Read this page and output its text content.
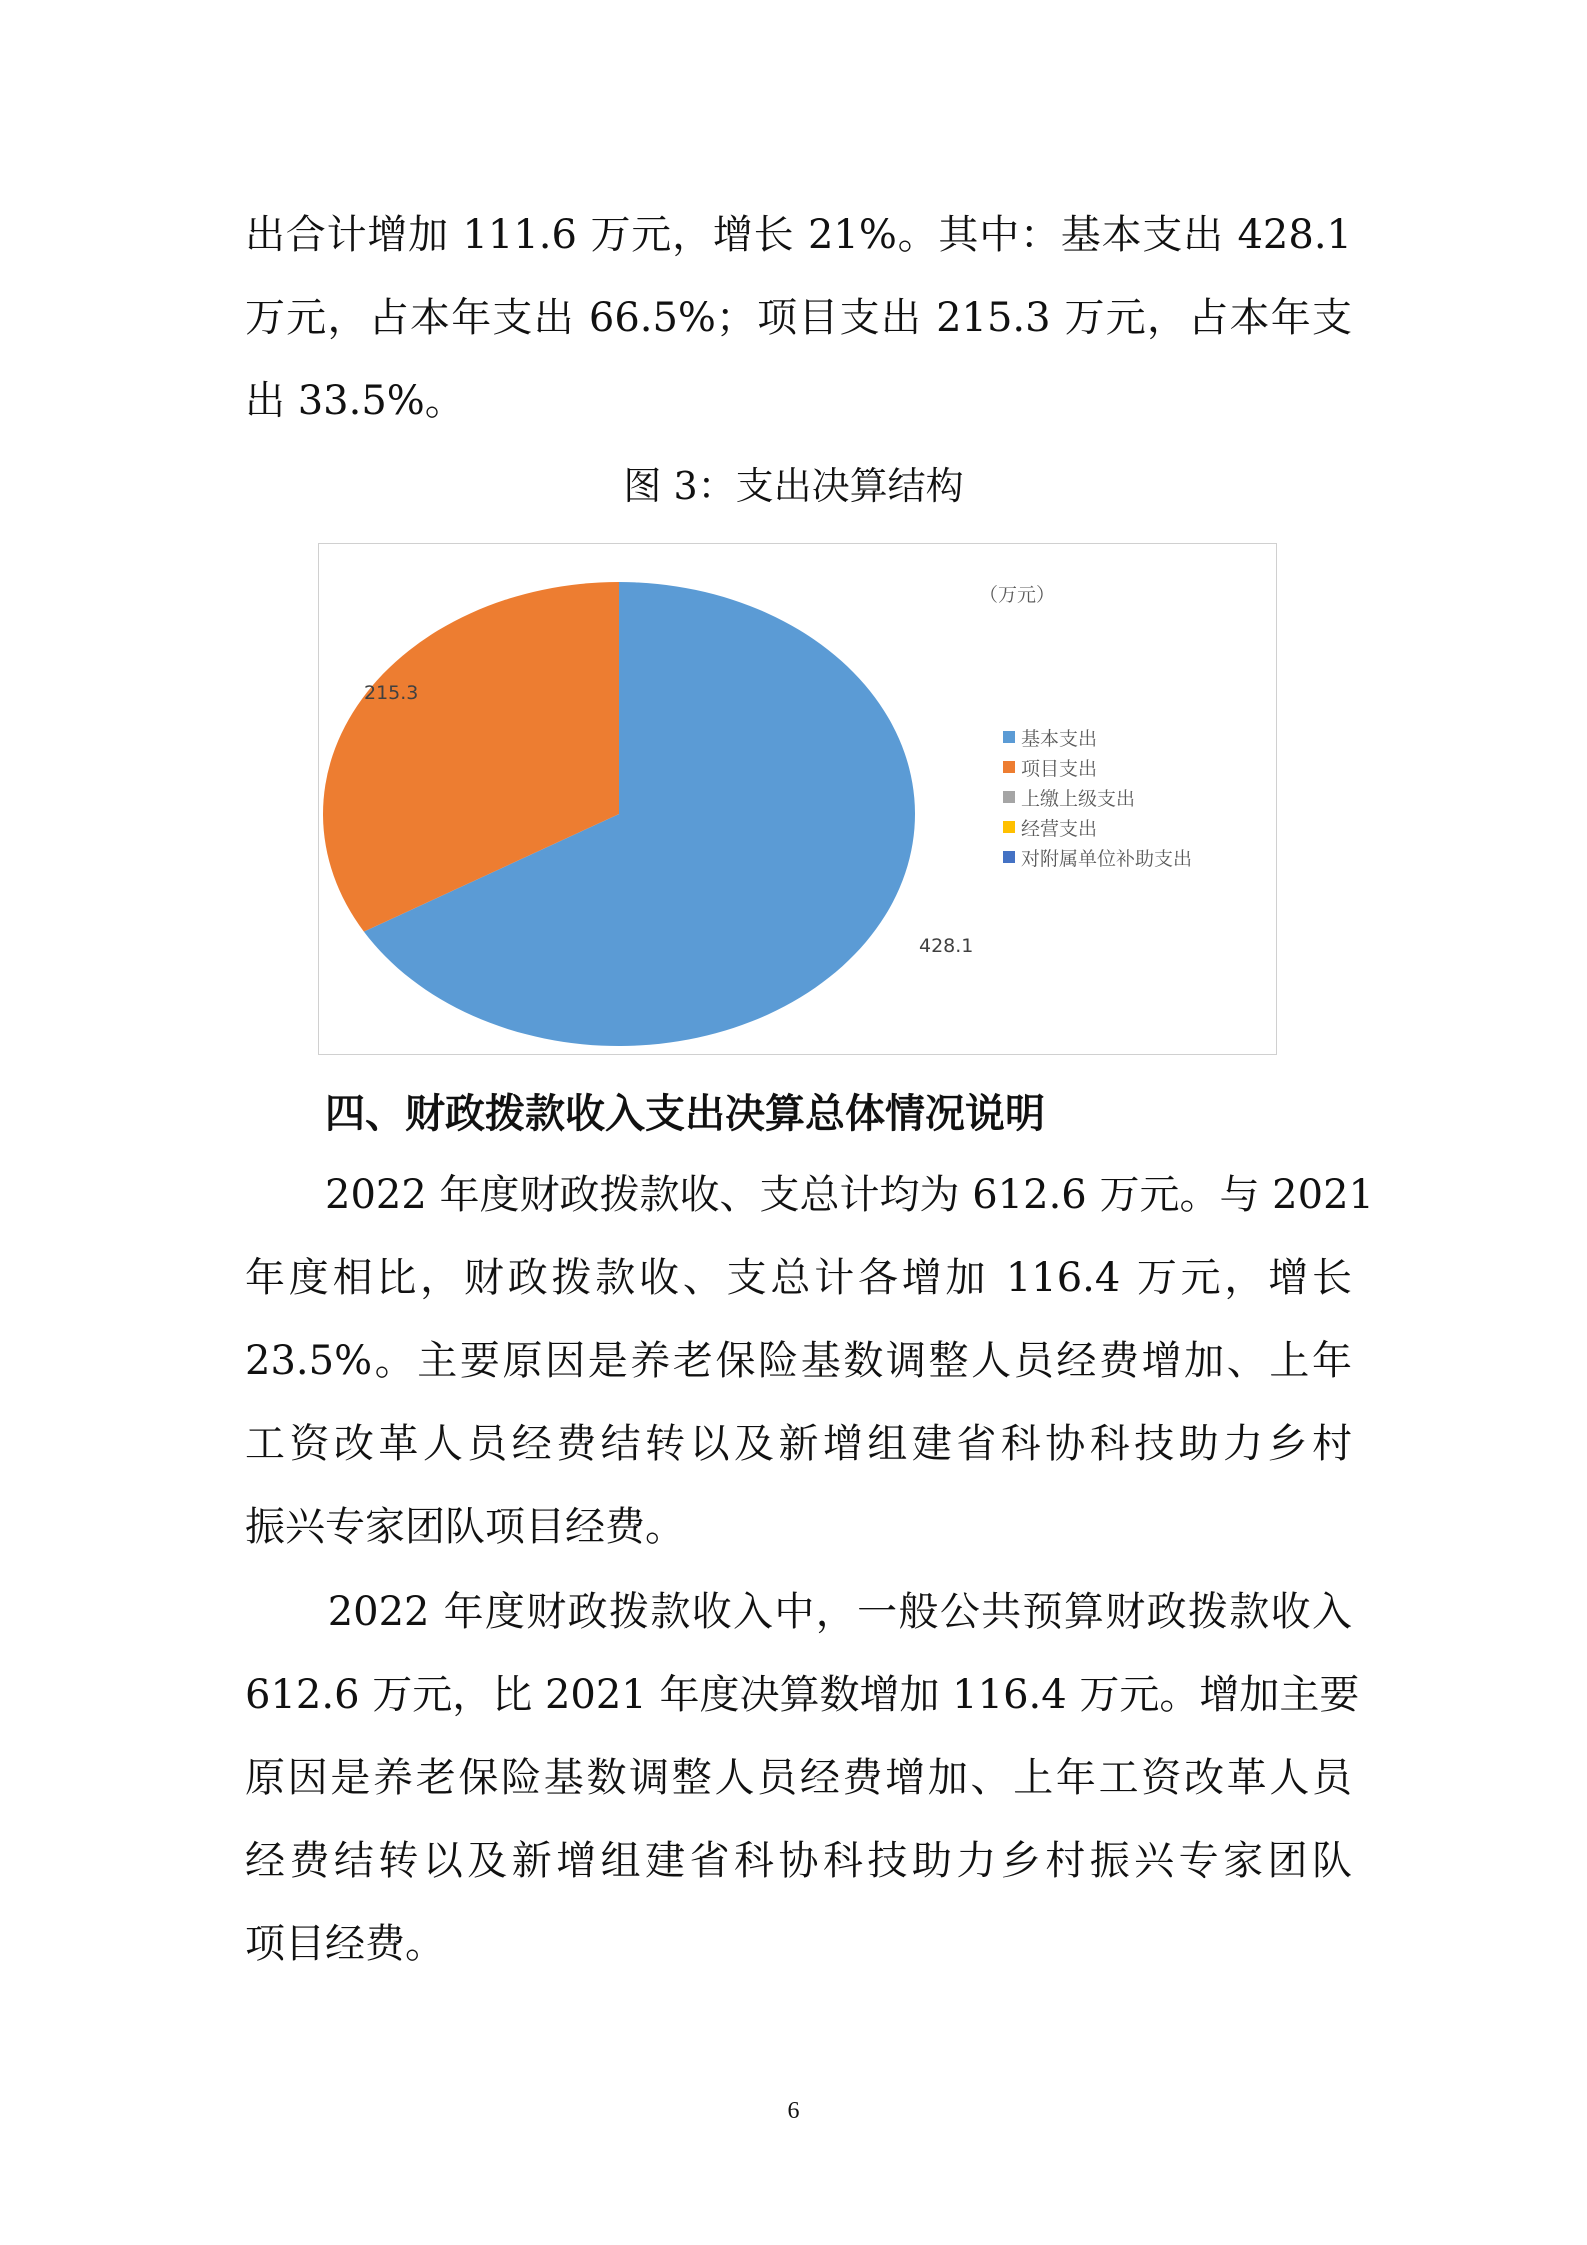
出合计增加 111.6 万元，增长 21%。其中：基本支出 428.1
万元，占本年支出 66.5%；项目支出 215.3 万元，占本年支
出 33.5%。
图 3：支出决算结构
428.1
215.3
（万元）
基本支出
项目支出
上缴上级支出
经营支出
对附属单位补助支出
四、财政拨款收入支出决算总体情况说明
　　2022 年度财政拨款收、支总计均为 612.6 万元。与 2021
年度相比，财政拨款收、支总计各增加 116.4 万元，增长
23.5%。主要原因是养老保险基数调整人员经费增加、上年
工资改革人员经费结转以及新增组建省科协科技助力乡村
振兴专家团队项目经费。
　　2022 年度财政拨款收入中，一般公共预算财政拨款收入
612.6 万元，比 2021 年度决算数增加 116.4 万元。增加主要
原因是养老保险基数调整人员经费增加、上年工资改革人员
经费结转以及新增组建省科协科技助力乡村振兴专家团队
项目经费。
6
